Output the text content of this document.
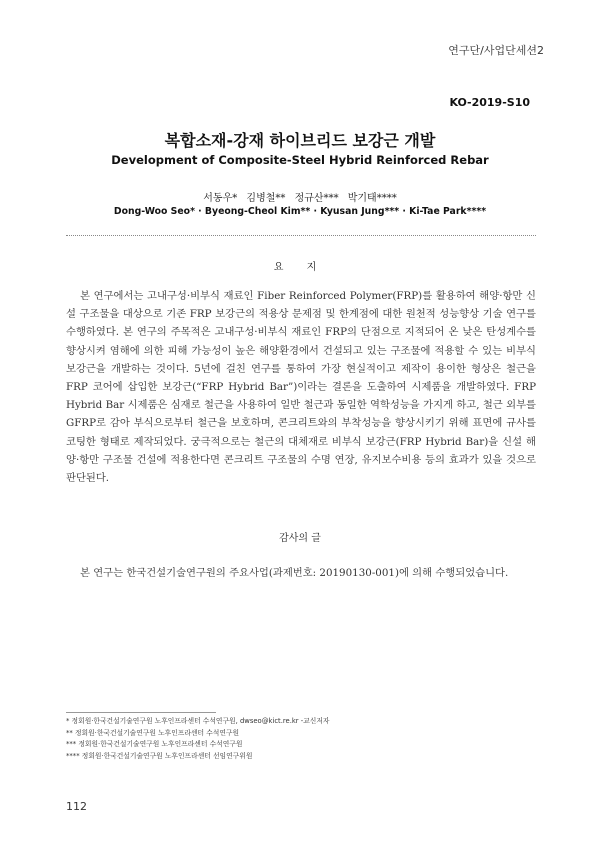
연구단/사업단세션2
KO-2019-S10
복합소재-강재 하이브리드 보강근 개발
Development of Composite-Steel Hybrid Reinforced Rebar
서동우* 김병철** 정규산*** 박기태****
Dong-Woo Seo* · Byeong-Cheol Kim** · Kyusan Jung*** · Ki-Tae Park****
요 지
본 연구에서는 고내구성·비부식 재료인 Fiber Reinforced Polymer(FRP)를 활용하여 해양·항만 신설 구조물을 대상으로 기존 FRP 보강근의 적용상 문제점 및 한계점에 대한 원천적 성능향상 기술 연구를 수행하였다. 본 연구의 주목적은 고내구성·비부식 재료인 FRP의 단점으로 지적되어 온 낮은 탄성계수를 향상시켜 염해에 의한 피해 가능성이 높은 해양환경에서 건설되고 있는 구조물에 적용할 수 있는 비부식 보강근을 개발하는 것이다. 5년에 걸친 연구를 통하여 가장 현실적이고 제작이 용이한 형상은 철근을 FRP 코어에 삽입한 보강근(“FRP Hybrid Bar”)이라는 결론을 도출하여 시제품을 개발하였다. FRP Hybrid Bar 시제품은 심재로 철근을 사용하여 일반 철근과 동일한 역학성능을 가지게 하고, 철근 외부를 GFRP로 감아 부식으로부터 철근을 보호하며, 콘크리트와의 부착성능을 향상시키기 위해 표면에 규사를 코팅한 형태로 제작되었다. 궁극적으로는 철근의 대체재로 비부식 보강근(FRP Hybrid Bar)을 신설 해양·항만 구조물 건설에 적용한다면 콘크리트 구조물의 수명 연장, 유지보수비용 등의 효과가 있을 것으로 판단된다.
감사의 글
본 연구는 한국건설기술연구원의 주요사업(과제번호: 20190130-001)에 의해 수행되었습니다.
* 정회원·한국건설기술연구원 노후인프라센터 수석연구원, dwseo@kict.re.kr -교신저자
** 정회원·한국건설기술연구원 노후인프라센터 수석연구원
*** 정회원·한국건설기술연구원 노후인프라센터 수석연구원
**** 정회원·한국건설기술연구원 노후인프라센터 선임연구위원
112
